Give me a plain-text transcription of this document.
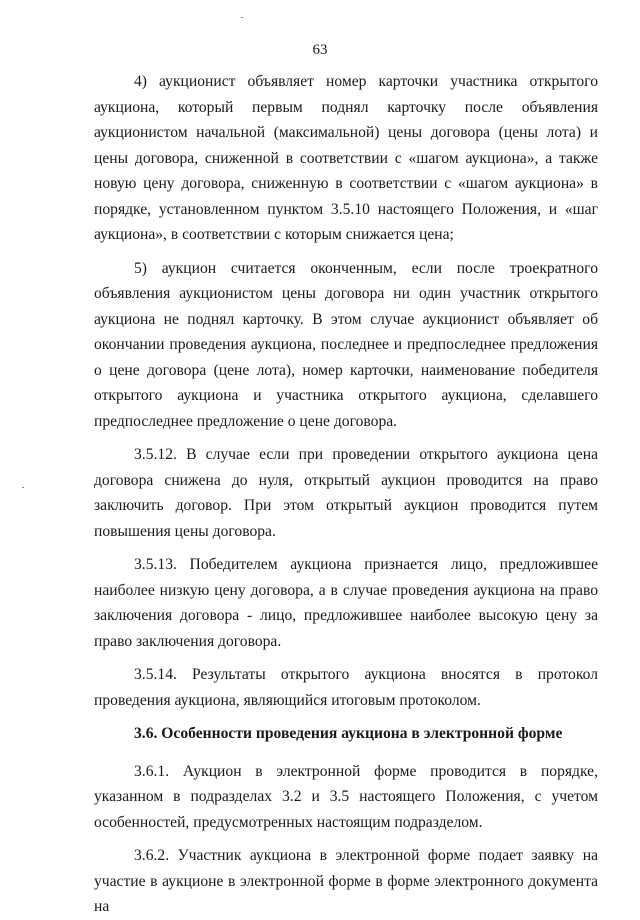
63

4) аукционист объявляет номер карточки участника открытого аукциона, который первым поднял карточку после объявления аукционистом начальной (максимальной) цены договора (цены лота) и цены договора, сниженной в соответствии с «шагом аукциона», а также новую цену договора, сниженную в соответствии с «шагом аукциона» в порядке, установленном пунктом 3.5.10 настоящего Положения, и «шаг аукциона», в соответствии с которым снижается цена;

5) аукцион считается оконченным, если после троекратного объявления аукционистом цены договора ни один участник открытого аукциона не поднял карточку. В этом случае аукционист объявляет об окончании проведения аукциона, последнее и предпоследнее предложения о цене договора (цене лота), номер карточки, наименование победителя открытого аукциона и участника открытого аукциона, сделавшего предпоследнее предложение о цене договора.

3.5.12. В случае если при проведении открытого аукциона цена договора снижена до нуля, открытый аукцион проводится на право заключить договор. При этом открытый аукцион проводится путем повышения цены договора.

3.5.13. Победителем аукциона признается лицо, предложившее наиболее низкую цену договора, а в случае проведения аукциона на право заключения договора - лицо, предложившее наиболее высокую цену за право заключения договора.

3.5.14. Результаты открытого аукциона вносятся в протокол проведения аукциона, являющийся итоговым протоколом.

3.6. Особенности проведения аукциона в электронной форме

3.6.1. Аукцион в электронной форме проводится в порядке, указанном в подразделах 3.2 и 3.5 настоящего Положения, с учетом особенностей, предусмотренных настоящим подразделом.

3.6.2. Участник аукциона в электронной форме подает заявку на участие в аукционе в электронной форме в форме электронного документа на
